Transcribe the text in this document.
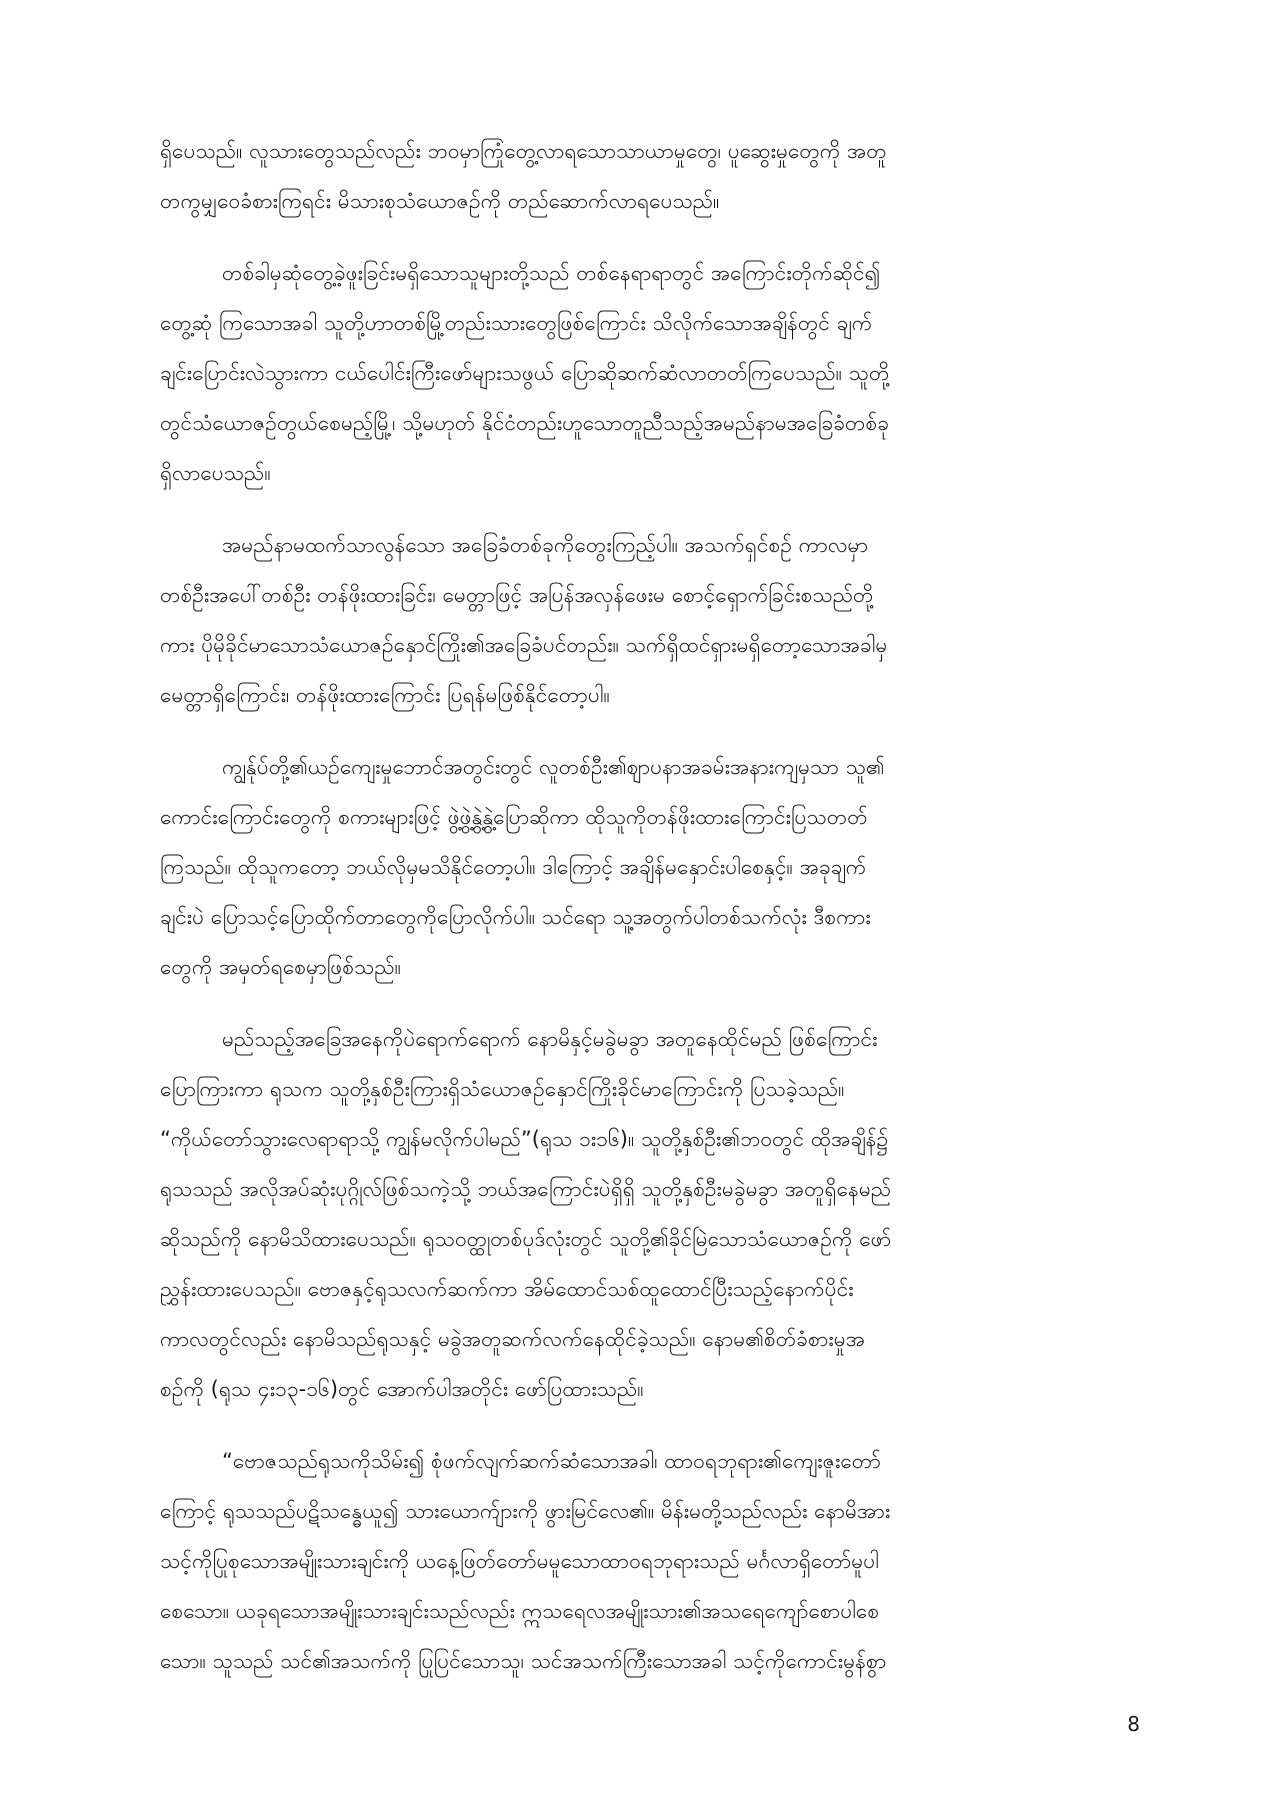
ရှိပေသည်။ လူသားတွေသည်လည်း ဘဝမှာကြုံတွေ့လာရသောသာယာမှုတွေ၊ ပူဆွေးမှုတွေကို အတူ
တကွမျှဝေခံစားကြရင်း မိသားစုသံယောဇဉ်ကို တည်ဆောက်လာရပေသည်။

တစ်ခါမှဆုံတွေ့ခဲ့ဖူးခြင်းမရှိသောသူများတို့သည် တစ်နေရာရာတွင် အကြောင်းတိုက်ဆိုင်၍
တွေ့ဆုံ ကြသောအခါ သူတို့ဟာတစ်မြို့တည်းသားတွေဖြစ်ကြောင်း သိလိုက်သောအချိန်တွင် ချက်
ချင်းပြောင်းလဲသွားကာ ငယ်ပေါင်းကြီးဖော်များသဖွယ် ပြောဆိုဆက်ဆံလာတတ်ကြပေသည်။ သူတို့
တွင်သံယောဇဉ်တွယ်စေမည့်မြို့၊ သို့မဟုတ် နိုင်ငံတည်းဟူသောတူညီသည့်အမည်နာမအခြေခံတစ်ခု
ရှိလာပေသည်။

အမည်နာမထက်သာလွန်သော အခြေခံတစ်ခုကိုတွေးကြည့်ပါ။ အသက်ရှင်စဉ် ကာလမှာ
တစ်ဦးအပေါ်တစ်ဦး တန်ဖိုးထားခြင်း၊ မေတ္တာဖြင့် အပြန်အလှန်ဖေးမ စောင့်ရှောက်ခြင်းစသည်တို့
ကား ပိုမိုခိုင်မာသောသံယောဇဉ်နှောင်ကြိုး၏အခြေခံပင်တည်း။ သက်ရှိထင်ရှားမရှိတော့သောအခါမှ
မေတ္တာရှိကြောင်း၊ တန်ဖိုးထားကြောင်း ပြရန်မဖြစ်နိုင်တော့ပါ။

ကျွန်ုပ်တို့၏ယဉ်ကျေးမှုဘောင်အတွင်းတွင် လူတစ်ဦး၏ဈာပနာအခမ်းအနားကျမှသာ သူ၏
ကောင်းကြောင်းတွေကို စကားများဖြင့် ဖွဲ့ဖွဲ့နွဲ့နွဲ့ပြောဆိုကာ ထိုသူကိုတန်ဖိုးထားကြောင်းပြသတတ်
ကြသည်။ ထိုသူကတော့ ဘယ်လိုမှမသိနိုင်တော့ပါ။ ဒါကြောင့် အချိန်မနှောင်းပါစေနှင့်။ အခုချက်
ချင်းပဲ ပြောသင့်ပြောထိုက်တာတွေကိုပြောလိုက်ပါ။ သင်ရော သူ့အတွက်ပါတစ်သက်လုံး ဒီစကား
တွေကို အမှတ်ရစေမှာဖြစ်သည်။

မည်သည့်အခြေအနေကိုပဲရောက်ရောက် နောမိနှင့်မခွဲမခွာ အတူနေထိုင်မည် ဖြစ်ကြောင်း
ပြောကြားကာ ရုသက သူတို့နှစ်ဦးကြားရှိသံယောဇဉ်နှောင်ကြိုးခိုင်မာကြောင်းကို ပြသခဲ့သည်။
“ကိုယ်တော်သွားလေရာရာသို့ ကျွန်မလိုက်ပါမည်”(ရုသ ၁း၁၆)။ သူတို့နှစ်ဦး၏ဘဝတွင် ထိုအချိန်၌
ရုသသည် အလိုအပ်ဆုံးပုဂ္ဂိုလ်ဖြစ်သကဲ့သို့ ဘယ်အကြောင်းပဲရှိရှိ သူတို့နှစ်ဦးမခွဲမခွာ အတူရှိနေမည်
ဆိုသည်ကို နောမိသိထားပေသည်။ ရုသဝတ္ထုတစ်ပုဒ်လုံးတွင် သူတို့၏ခိုင်မြဲသောသံယောဇဉ်ကို ဖော်
ညွှန်းထားပေသည်။ ဗောဇနှင့်ရုသလက်ဆက်ကာ အိမ်ထောင်သစ်ထူထောင်ပြီးသည့်နောက်ပိုင်း
ကာလတွင်လည်း နောမိသည်ရုသနှင့် မခွဲအတူဆက်လက်နေထိုင်ခဲ့သည်။ နောမ၏စိတ်ခံစားမှုအ
စဉ်ကို (ရုသ ၄း၁၃-၁၆)တွင် အောက်ပါအတိုင်း ဖော်ပြထားသည်။

“ဗောဇသည်ရုသကိုသိမ်း၍ စုံဖက်လျက်ဆက်ဆံသောအခါ၊ ထာဝရဘုရား၏ကျေးဇူးတော်
ကြောင့် ရုသသည်ပဋိသန္ဓေယူ၍ သားယောက်ျားကို ဖွားမြင်လေ၏။ မိန်းမတို့သည်လည်း နောမိအား
သင့်ကိုပြုစုသောအမျိုးသားချင်းကို ယနေ့ဖြတ်တော်မမူသောထာဝရဘုရားသည် မင်္ဂလာရှိတော်မူပါ
စေသော။ ယခုရသောအမျိုးသားချင်းသည်လည်း ဣသရေလအမျိုးသား၏အသရေကျော်စောပါစေ
သော။ သူသည် သင်၏အသက်ကို ပြုပြင်သောသူ၊ သင်အသက်ကြီးသောအခါ သင့်ကိုကောင်းမွန်စွာ

8
